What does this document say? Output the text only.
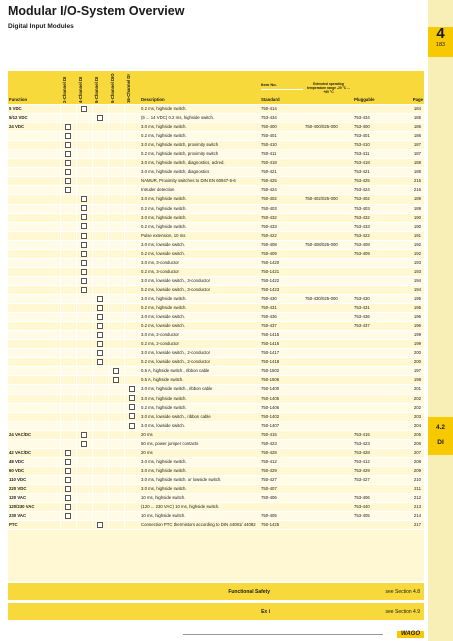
4
183
4.2
DI
Modular I/O-System Overview
Digital Input Modules
Function	2-Channel DI	4-Channel DI	8-Channel DI	8-Channel DIO	16-Channel DI	Description	Item No.
Standard	Extended operating temperature range -20 °C ... +60 °C	Pluggable	Page
5 VDC						0.2 ms, highside switch.	750-414			184
5/12 VDC						(5 ... 14 VDC) 0.2 ms, highside switch.	753-434		753-434	185
24 VDC						3.0 ms, highside switch.	750-400	750-400/025-000	753-400	186
						0.2 ms, highside switch.	750-401		753-401	186
						3.0 ms, highside switch, proximity switch	750-410		753-410	187
						0.2 ms, highside switch, proximity switch	750-411		753-411	187
						3.0 ms, highside switch, diagnostics, aclred.	750-418		753-418	188
						3.0 ms, highside switch, diagnostics	750-421		753-421	188
						NAMUR, Proximity switches to DIN EN 60947-5-6	750-425		753-425	215
						Intruder detection	750-424		753-424	216
						3.0 ms, highside switch.	750-402	750-402/025-000	753-402	189
						0.2 ms, highside switch.	750-403		753-403	189
						3.0 ms, highside switch.	750-432		753-432	190
						0.2 ms, highside switch.	750-433		753-433	190
						Pulse extension, 10 ms	750-422		753-422	191
						3.0 ms, lowside switch.	750-408	750-408/025-000	753-408	192
						0.2 ms, lowside switch.	750-409		753-409	192
						3.0 ms, 3-conductor	750-1420			193
						0.2 ms, 3-conductor	750-1421			193
						3.0 ms, lowside switch., 3-conductor	750-1422			194
						0.2 ms, lowside switch., 3-conductor	750-1423			194
						3.0 ms, highside switch.	750-430	750-430/025-000	753-430	195
						0.2 ms, highside switch.	750-431		753-431	195
						3.0 ms, lowside switch.	750-436		753-436	196
						0.2 ms, lowside switch.	750-437		753-437	196
						3.0 ms, 2-conductor	750-1415			199
						0.2 ms, 2-conductor	750-1416			199
						3.0 ms, lowside switch., 2-conductor	750-1417			200
						0.2 ms, lowside switch., 2-conductor	750-1418			200
						0.5 A, highside switch., ribbon cable	750-1502			197
						0.5 A, highside switch.	750-1506			198
						3.0 ms, highside switch., ribbon cable	750-1400			201
						3.0 ms, highside switch.	750-1405			202
						0.2 ms, highside switch.	750-1406			202
						3.0 ms, lowside switch., ribbon cable	750-1402			203
						3.0 ms, lowside switch.	750-1407			204
24 VAC/DC						20 ms	750-415		753-415	205
						50 ms, power jumper contacts	750-423		753-423	206
42 VAC/DC						20 ms	750-428		753-428	207
48 VDC						3.0 ms, highside switch.	750-412		753-412	208
60 VDC						3.0 ms, highside switch.	750-429		753-429	209
110 VDC						3.0 ms, highside switch. or lowside switch.	750-427		753-427	210
220 VDC						3.0 ms, highside switch.	750-407			211
120 VAC						10 ms, highside switch.	750-406		753-406	212
120/230 VAC						(120 ... 230 VAC) 10 ms, highside switch.			753-440	213
230 VAC						10 ms, highside switch.	750-405		753-405	214
PTC						Connection PTC thermistors according to DIN 44081/ 44082	750-1425			217
Functional Safety	see Section 4.8
Ex i	see Section 4.9
WAGO
